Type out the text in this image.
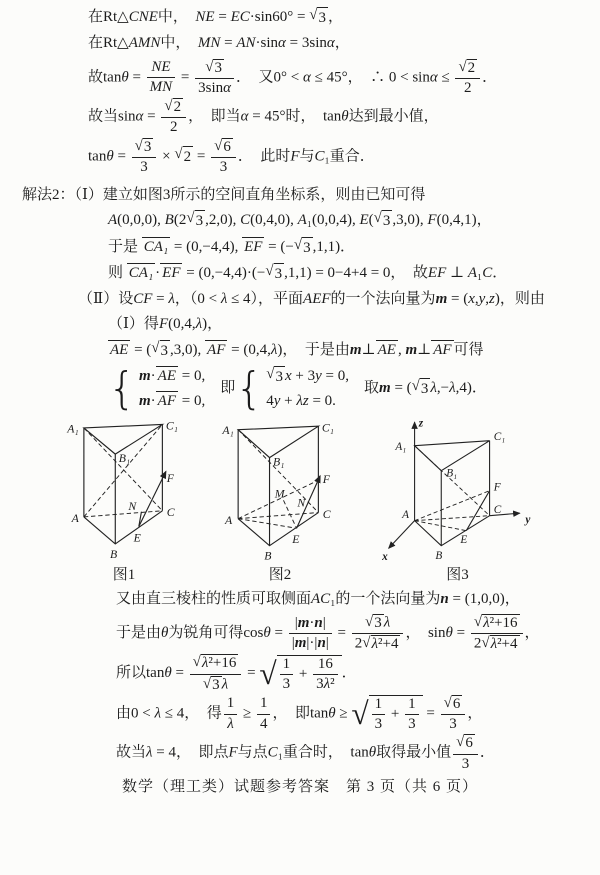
在Rt△CNE中，　NE = EC·sin60° = √ 3 ，
在Rt△AMN中，　MN = AN·sinα = 3sinα，
故$\tan\theta = \frac{NE}{MN} = \frac{√ 3}{3\sin\alpha}$ ．　又0° < α ≤ 45°，　∴ $0 < \sin\alpha \le \frac{√ 2}{2}$ ．
故当$\sin\alpha = \frac{√ 2}{2}$ ，　即当α = 45°时，　tanθ达到最小值，
$\tan\theta = \frac{√ 3}{3}$ × √ $2 = \frac{√ 6}{3}$ ．　此时F与C₁重合．
解法2：（Ⅰ）建立如图3所示的空间直角坐标系，则由已知可得
A(0,0,0), B(2 √ 3 ,2,0), C(0,4,0), A₁(0,0,4), E( √ 3 ,3,0), F(0,4,1)，
于是 CA₁ = (0,−4,4), EF = (− √ 3 ,1,1)．
则 CA₁ · EF = (0,−4,4)·(− √ 3 ,1,1) = 0−4+4 = 0，　故EF ⊥ A₁C．
（Ⅱ）设CF = λ，（0 < λ ≤ 4），平面AEF的一个法向量为m = (x,y,z)，则由
（Ⅰ）得F(0,4,λ)，
AE = ( √ 3 ,3,0), AF = (0,4,λ)，　于是由m⊥ AE , m⊥ AF 可得
{ m· AE = 0,
m· AF = 0,
　即 { √ 3 x + 3y = 0,
4y + λz = 0.
　取m = ( √ 3 λ,−λ,4)．
A₁	C₁
B₁
A
B
C
E
F
N
图1
A₁	C₁
B₁
A
B
C
E
F
M
N
图2
A₁
C₁
B₁
A
B
C
E
F
x
y
z
图3
又由直三棱柱的性质可取侧面AC₁的一个法向量为n = (1,0,0)，
于是由θ为锐角可得$\cos\theta = \frac{|m\cdot n|}{|m|\cdot|n|} = \frac{√ 3 \lambda}{\text{2 √ λ²+4}}$ ，　$\sin\theta = \frac{\text{√ λ²+16}}{\text{2 √ λ²+4}}$ ，
所以$\tan\theta = \frac{\text{√ λ²+16}}{√ 3 \lambda}$ = √ $\frac{1}{3} + \frac{16}{\text{3λ²}}$ ．
由0 < λ ≤ 4，　得 $\frac{1}{\lambda} \ge \frac{1}{4}$ ，　即tanθ ≥ √ $\frac{1}{3} + \frac{1}{3} = \frac{√ 6}{3}$ ，
故当λ = 4，　即点F与点C₁重合时，　tanθ取得最小值 $\frac{√ 6}{3}$ ．
数学（理工类）试题参考答案　第 3 页（共 6 页）
